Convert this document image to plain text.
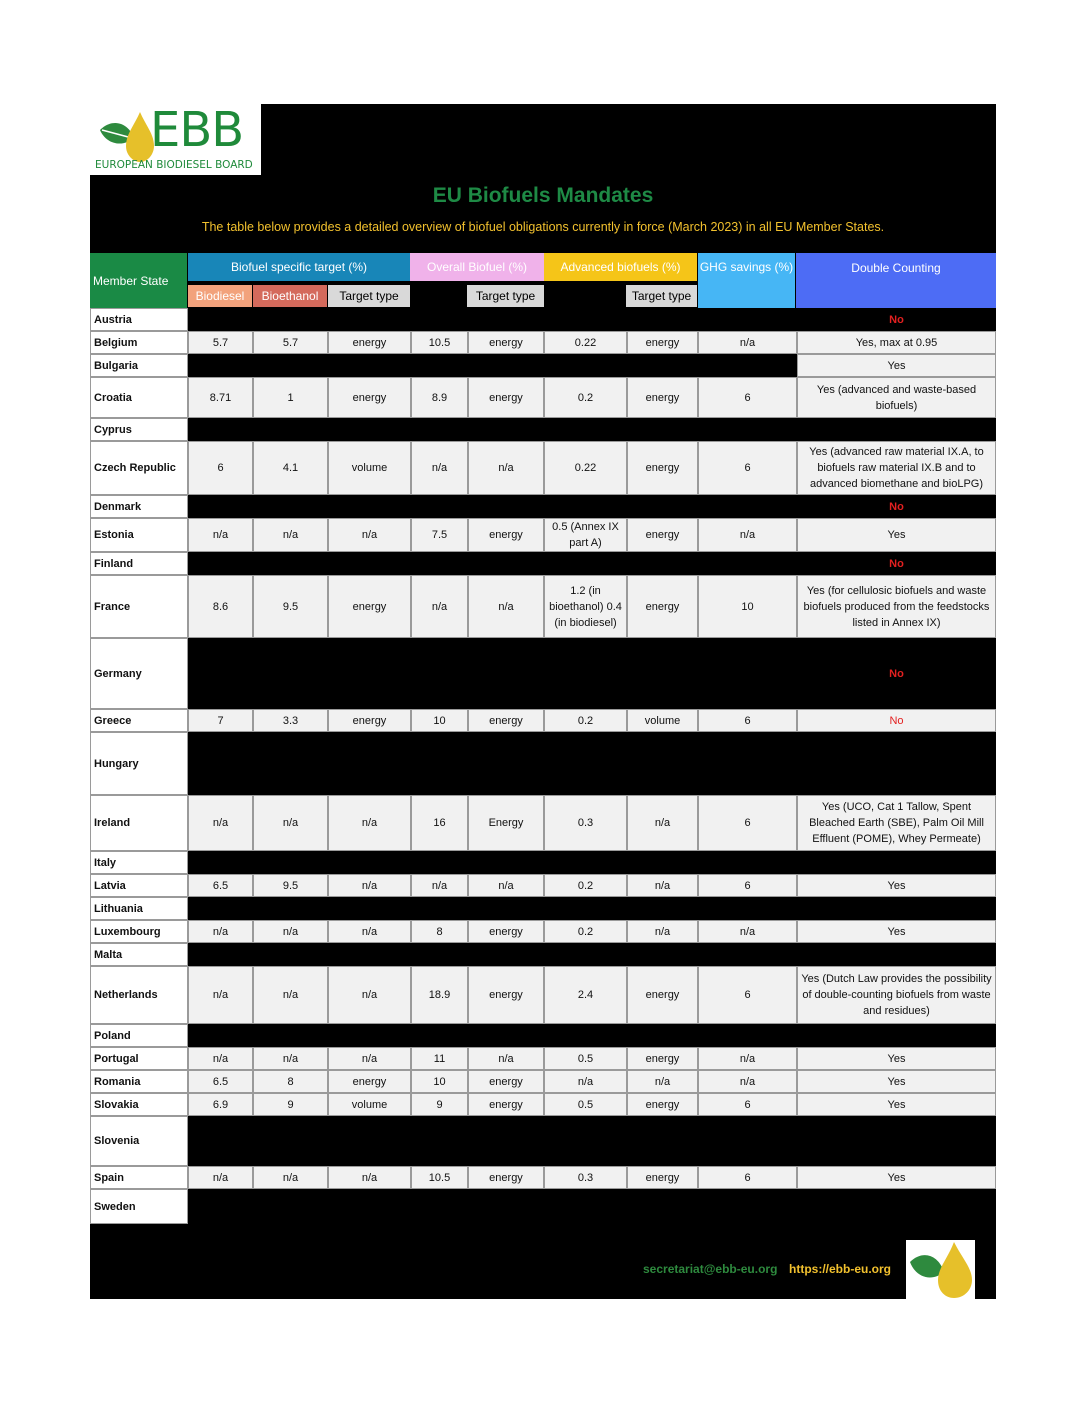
EBB
EUROPEAN BIODIESEL BOARD
EU Biofuels Mandates
The table below provides a detailed overview of biofuel obligations currently in force (March 2023) in all EU Member States.
Member State
Biofuel specific target (%)	Overall Biofuel (%)	Advanced biofuels (%)	GHG savings (%)	Double Counting
Biodiesel	Bioethanol	Target type	Target type	Target type
Austria									No
Belgium	5.7	5.7	energy	10.5	energy	0.22	energy	n/a	Yes, max at 0.95
Bulgaria									Yes
Croatia	8.71	1	energy	8.9	energy	0.2	energy	6	Yes (advanced and waste-based biofuels)
Cyprus									
Czech Republic	6	4.1	volume	n/a	n/a	0.22	energy	6	Yes (advanced raw material IX.A, to biofuels raw material IX.B and to advanced biomethane and bioLPG)
Denmark									No
Estonia	n/a	n/a	n/a	7.5	energy	0.5 (Annex IX part A)	energy	n/a	Yes
Finland									No
France	8.6	9.5	energy	n/a	n/a	1.2 (in bioethanol) 0.4 (in biodiesel)	energy	10	Yes (for cellulosic biofuels and waste biofuels produced from the feedstocks listed in Annex IX)
Germany									No
Greece	7	3.3	energy	10	energy	0.2	volume	6	No
Hungary									
Ireland	n/a	n/a	n/a	16	Energy	0.3	n/a	6	Yes (UCO, Cat 1 Tallow, Spent Bleached Earth (SBE), Palm Oil Mill Effluent (POME), Whey Permeate)
Italy									
Latvia	6.5	9.5	n/a	n/a	n/a	0.2	n/a	6	Yes
Lithuania									
Luxembourg	n/a	n/a	n/a	8	energy	0.2	n/a	n/a	Yes
Malta									
Netherlands	n/a	n/a	n/a	18.9	energy	2.4	energy	6	Yes (Dutch Law provides the possibility of double-counting biofuels from waste and residues)
Poland									
Portugal	n/a	n/a	n/a	11	n/a	0.5	energy	n/a	Yes
Romania	6.5	8	energy	10	energy	n/a	n/a	n/a	Yes
Slovakia	6.9	9	volume	9	energy	0.5	energy	6	Yes
Slovenia									
Spain	n/a	n/a	n/a	10.5	energy	0.3	energy	6	Yes
Sweden									
secretariat@ebb-eu.org https://ebb-eu.org
